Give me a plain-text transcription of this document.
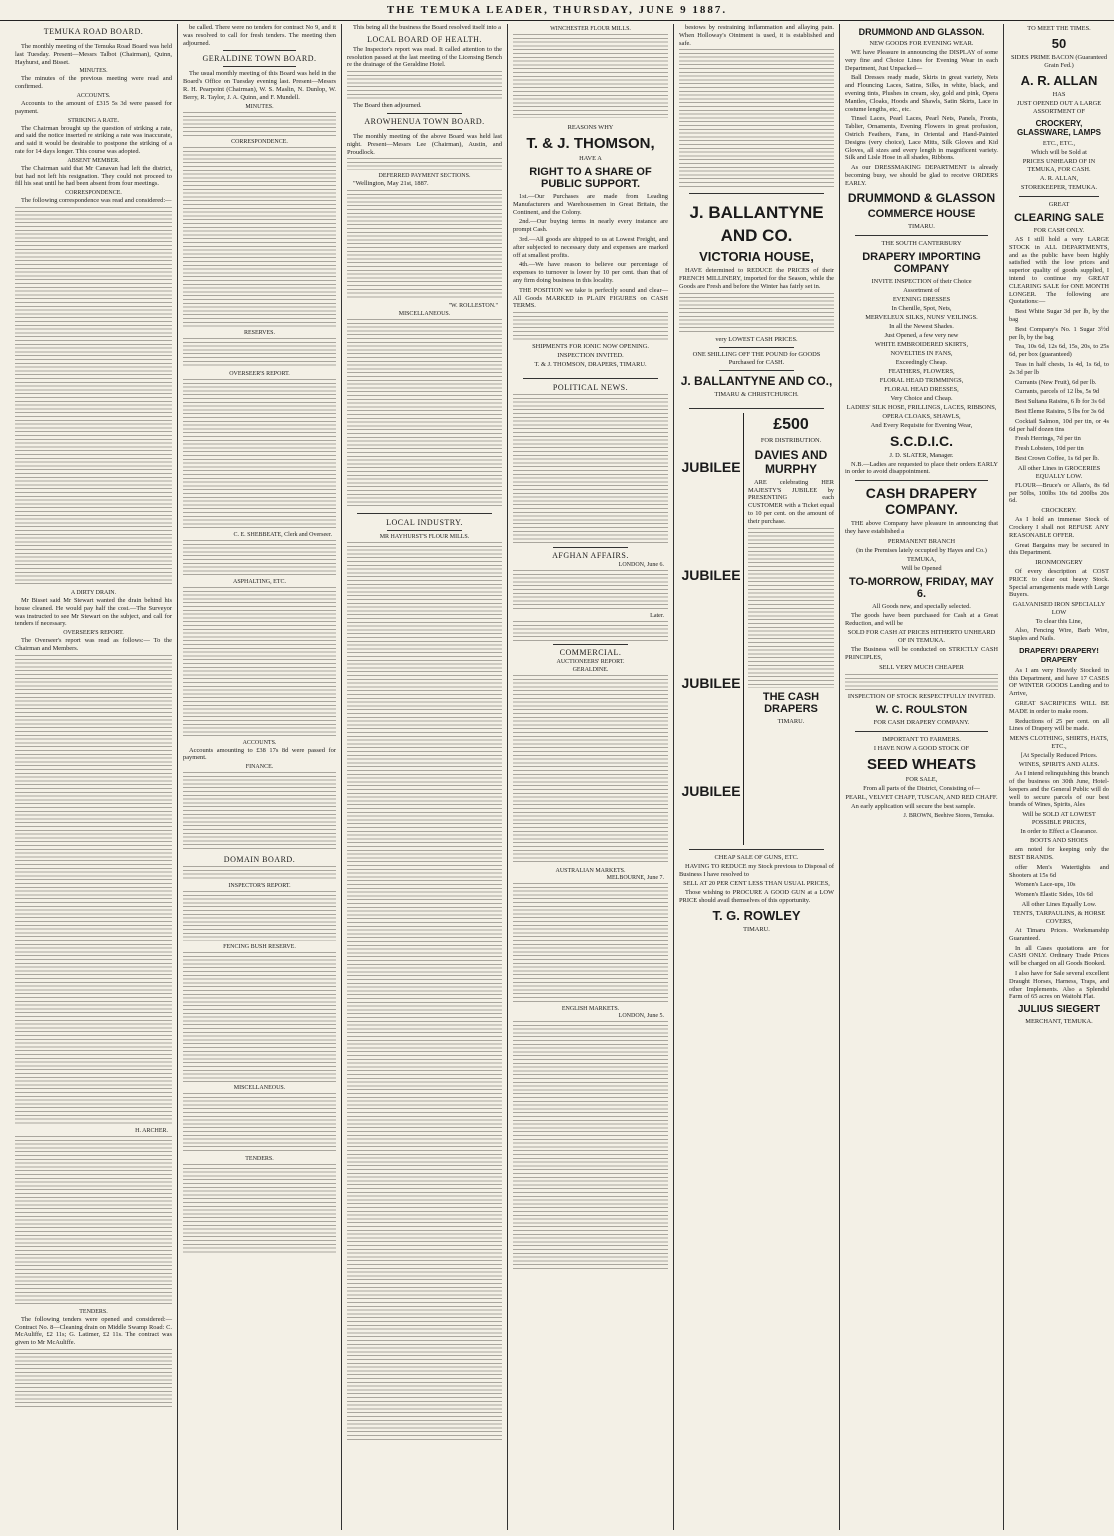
THE TEMUKA LEADER, THURSDAY, JUNE 9 1887.
TEMUKA ROAD BOARD.

The monthly meeting of the Temuka Road Board was held last Tuesday. Present—Messrs Talbot (Chairman), Quinn, Hayhurst, and Bisset.

MINUTES.

The minutes of the previous meeting were read and confirmed.

ACCOUNTS.

Accounts to the amount of £315 5s 3d were passed for payment.

STRIKING A RATE.

The Chairman brought up the question of striking a rate, and said the notice inserted re striking a rate was inaccurate, and said it would be desirable to postpone the striking of a rate for 14 days longer. This course was adopted.

ABSENT MEMBER.

The Chairman said that Mr Canavan had left the district, but had not left his resignation. They could not proceed to fill his seat until he had been absent from four meetings.

CORRESPONDENCE.

The following correspondence was read and considered:—

A DIRTY DRAIN.

Mr Bisset said Mr Stewart wanted the drain behind his house cleaned. He would pay half the cost.—The Surveyor was instructed to see Mr Stewart on the subject, and call for tenders if necessary.

OVERSEER'S REPORT.

The Overseer's report was read as follows:— To the Chairman and Members.

H. ARCHER.
TENDERS.

The following tenders were opened and considered:— Contract No. 8—Cleaning drain on Middle Swamp Road: C. McAuliffe, £2 11s; G. Latimer, £2 11s. The contract was given to Mr McAuliffe.

be called. There were no tenders for contract No 9, and it was resolved to call for fresh tenders. The meeting then adjourned.

GERALDINE TOWN BOARD.

The usual monthly meeting of this Board was held in the Board's Office on Tuesday evening last. Present—Messrs R. H. Pearpoint (Chairman), W. S. Maslin, N. Dunlop, W. Berry, R. Taylor, J. A. Quinn, and F. Mundell.

MINUTES.
CORRESPONDENCE.
RESERVES.
OVERSEER'S REPORT.
C. E. SHEBBEATE, Clerk and Overseer.
ASPHALTING, ETC.
ACCOUNTS.

Accounts amounting to £38 17s 8d were passed for payment.

FINANCE.
DOMAIN BOARD.
INSPECTOR'S REPORT.
FENCING BUSH RESERVE.
MISCELLANEOUS.
TENDERS.

This being all the business the Board resolved itself into a

LOCAL BOARD OF HEALTH.

The Inspector's report was read. It called attention to the resolution passed at the last meeting of the Licensing Bench re the drainage of the Geraldine Hotel.

The Board then adjourned.

AROWHENUA TOWN BOARD.

The monthly meeting of the above Board was held last night. Present—Messrs Lee (Chairman), Austin, and Proudlock.

DEFERRED PAYMENT SECTIONS.

"Wellington, May 21st, 1887.

"W. ROLLESTON."
MISCELLANEOUS.
LOCAL INDUSTRY.
MR HAYHURST'S FLOUR MILLS.
WINCHESTER FLOUR MILLS.
REASONS WHY
T. & J. THOMSON,
HAVE A
RIGHT TO A SHARE OF PUBLIC SUPPORT.

1st.—Our Purchases are made from Leading Manufacturers and Warehousemen in Great Britain, the Continent, and the Colony.

2nd.—Our buying terms in nearly every instance are prompt Cash.

3rd.—All goods are shipped to us at Lowest Freight, and after subjected to necessary duty and expenses are marked off at smallest profits.

4th.—We have reason to believe our percentage of expenses to turnover is lower by 10 per cent. than that of any firm doing business in this locality.

THE POSITION we take is perfectly sound and clear—All Goods MARKED in PLAIN FIGURES on CASH TERMS.

SHIPMENTS FOR IONIC NOW OPENING.
INSPECTION INVITED.
T. & J. THOMSON, DRAPERS, TIMARU.
POLITICAL NEWS.
AFGHAN AFFAIRS.
LONDON, June 6.
Later.
COMMERCIAL.
AUCTIONEERS' REPORT.
GERALDINE.
AUSTRALIAN MARKETS.
MELBOURNE, June 7.
ENGLISH MARKETS.
LONDON, June 5.

bestows by restraining inflammation and allaying pain. When Holloway's Ointment is used, it is established and safe.

J. BALLANTYNE
AND CO.
VICTORIA HOUSE,

HAVE determined to REDUCE the PRICES of their FRENCH MILLINERY, imported for the Season, while the Goods are Fresh and before the Winter has fairly set in.

very LOWEST CASH PRICES.
ONE SHILLING OFF THE POUND for GOODS Purchased for CASH.
J. BALLANTYNE AND CO.,
TIMARU & CHRISTCHURCH.
JUBILEE
JUBILEE
JUBILEE
JUBILEE
£500
FOR DISTRIBUTION.
DAVIES AND MURPHY

ARE celebrating HER MAJESTY'S JUBILEE by PRESENTING each CUSTOMER with a Ticket equal to 10 per cent. on the amount of their purchase.

THE CASH DRAPERS
TIMARU.
CHEAP SALE OF GUNS, ETC.

HAVING TO REDUCE my Stock previous to Disposal of Business I have resolved to

SELL AT 20 PER CENT LESS THAN USUAL PRICES,

Those wishing to PROCURE A GOOD GUN at a LOW PRICE should avail themselves of this opportunity.

T. G. ROWLEY
TIMARU.
DRUMMOND AND GLASSON.
NEW GOODS FOR EVENING WEAR.

WE have Pleasure in announcing the DISPLAY of some very fine and Choice Lines for Evening Wear in each Department, Just Unpacked—

Ball Dresses ready made, Skirts in great variety, Nets and Flouncing Laces, Satins, Silks, in white, black, and evening tints, Plushes in cream, sky, gold and pink, Opera Mantles, Cloaks, Hoods and Shawls, Satin Skirts, Lace in costume lengths, etc., etc.

Tinsel Laces, Pearl Laces, Pearl Nets, Panels, Fronts, Tablier, Ornaments, Evening Flowers in great profusion, Ostrich Feathers, Fans, in Oriental and Hand-Painted Designs (very choice), Lace Mitts, Silk Gloves and Kid Gloves, all sizes and every length in magnificent variety. Silk and Lisle Hose in all shades, Ribbons.

As our DRESSMAKING DEPARTMENT is already becoming busy, we should be glad to receive ORDERS EARLY.

DRUMMOND & GLASSON
COMMERCE HOUSE
TIMARU.
THE SOUTH CANTERBURY
DRAPERY IMPORTING COMPANY
INVITE INSPECTION of their Choice
Assortment of
EVENING DRESSES
In Chenille, Spot, Nets,
MERVELEUX SILKS, NUNS' VEILINGS.
In all the Newest Shades.
Just Opened, a few very new
WHITE EMBROIDERED SKIRTS,
NOVELTIES IN FANS,
Exceedingly Cheap.
FEATHERS, FLOWERS,
FLORAL HEAD TRIMMINGS,
FLORAL HEAD DRESSES,
Very Choice and Cheap.
LADIES' SILK HOSE, FRILLINGS, LACES, RIBBONS,
OPERA CLOAKS, SHAWLS,
And Every Requisite for Evening Wear,
S.C.D.I.C.
J. D. SLATER, Manager.

N.B.—Ladies are requested to place their orders EARLY in order to avoid disappointment.

CASH DRAPERY COMPANY.

THE above Company have pleasure in announcing that they have established a

PERMANENT BRANCH
(in the Premises lately occupied by Hayes and Co.)
TEMUKA,
Will be Opened
TO-MORROW, FRIDAY, MAY 6.
All Goods new, and specially selected.

The goods have been purchased for Cash at a Great Reduction, and will be

SOLD FOR CASH AT PRICES HITHERTO UNHEARD OF IN TEMUKA.

The Business will be conducted on STRICTLY CASH PRINCIPLES,

SELL VERY MUCH CHEAPER
INSPECTION OF STOCK RESPECTFULLY INVITED.
W. C. ROULSTON
FOR CASH DRAPERY COMPANY.
IMPORTANT TO FARMERS.
I HAVE NOW A GOOD STOCK OF
SEED WHEATS
FOR SALE,
From all parts of the District, Consisting of—
PEARL, VELVET CHAFF, TUSCAN, AND RED CHAFF.

An early application will secure the best sample.

J. BROWN, Beehive Stores, Temuka.
TO MEET THE TIMES.
50
SIDES PRIME BACON (Guaranteed Grain Fed.)
A. R. ALLAN
HAS
JUST OPENED OUT A LARGE ASSORTMENT OF
CROCKERY, GLASSWARE, LAMPS
ETC., ETC.,
Which will be Sold at
PRICES UNHEARD OF IN TEMUKA, FOR CASH.
A. R. ALLAN,
STOREKEEPER, TEMUKA.
GREAT
CLEARING SALE
FOR CASH ONLY.

AS I still hold a very LARGE STOCK in ALL DEPARTMENTS, and as the public have been highly satisfied with the low prices and superior quality of goods supplied, I intend to continue my GREAT CLEARING SALE for ONE MONTH LONGER. The following are Quotations:—

Best White Sugar 3d per lb, by the bag

Best Company's No. 1 Sugar 3½d per lb, by the bag

Tea, 10s 6d, 12s 6d, 15s, 20s, to 25s 6d, per box (guaranteed)

Teas in half chests, 1s 4d, 1s 6d, to 2s 3d per lb

Currants (New Fruit), 6d per lb.

Currants, parcels of 12 lbs, 5s 9d

Best Sultana Raisins, 6 lb for 3s 6d

Best Eleme Raisins, 5 lbs for 3s 6d

Cocktail Salmon, 10d per tin, or 4s 6d per half dozen tins

Fresh Herrings, 7d per tin

Fresh Lobsters, 10d per tin

Best Crown Coffee, 1s 6d per lb.

All other Lines in GROCERIES EQUALLY LOW.

FLOUR—Bruce's or Allan's, 8s 6d per 50lbs, 100lbs 10s 6d 200lbs 20s 6d.

CROCKERY.

As I hold an immense Stock of Crockery I shall not REFUSE ANY REASONABLE OFFER.

Great Bargains may be secured in this Department.

IRONMONGERY

Of every description at COST PRICE to clear out heavy Stock. Special arrangements made with Large Buyers.

GALVANISED IRON SPECIALLY LOW
To clear this Line,

Also, Fencing Wire, Barb Wire, Staples and Nails.

DRAPERY! DRAPERY! DRAPERY

As I am very Heavily Stocked in this Department, and have 17 CASES OF WINTER GOODS Landing and to Arrive,

GREAT SACRIFICES WILL BE MADE in order to make room.

Reductions of 25 per cent. on all Lines of Drapery will be made.

MEN'S CLOTHING, SHIRTS, HATS, ETC.,
[At Specially Reduced Prices.
WINES, SPIRITS AND ALES.

As I intend relinquishing this branch of the business on 30th June, Hotel-keepers and the General Public will do well to secure parcels of our best brands of Wines, Spirits, Ales

Will be SOLD AT LOWEST POSSIBLE PRICES,
In order to Effect a Clearance.
BOOTS AND SHOES

am noted for keeping only the BEST BRANDS.

offer Men's Watertights and Shooters at 15s 6d

Women's Lace-ups, 10s

Women's Elastic Sides, 10s 6d

All other Lines Equally Low.
TENTS, TARPAULINS, & HORSE COVERS,

At Timaru Prices. Workmanship Guaranteed.

In all Cases quotations are for CASH ONLY. Ordinary Trade Prices will be charged on all Goods Booked.

I also have for Sale several excellent Draught Horses, Harness, Traps, and other Implements. Also a Splendid Farm of 65 acres on Waitohi Flat.

JULIUS SIEGERT
MERCHANT, TEMUKA.
